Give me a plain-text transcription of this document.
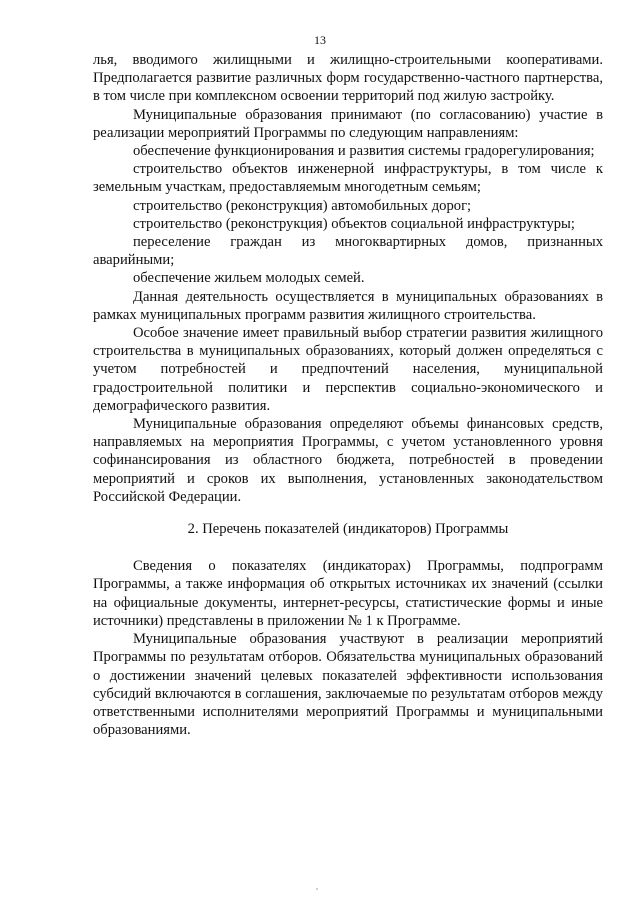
13

лья, вводимого жилищными и жилищно-строительными кооперативами. Предполагается развитие различных форм государственно-частного партнерства, в том числе при комплексном освоении территорий под жилую застройку.

Муниципальные образования принимают (по согласованию) участие в реализации мероприятий Программы по следующим направлениям:

обеспечение функционирования и развития системы градорегулирования;

строительство объектов инженерной инфраструктуры, в том числе к земельным участкам, предоставляемым многодетным семьям;

строительство (реконструкция) автомобильных дорог;

строительство (реконструкция) объектов социальной инфраструктуры;

переселение граждан из многоквартирных домов, признанных аварийными;

обеспечение жильем молодых семей.

Данная деятельность осуществляется в муниципальных образованиях в рамках муниципальных программ развития жилищного строительства.

Особое значение имеет правильный выбор стратегии развития жилищного строительства в муниципальных образованиях, который должен определяться с учетом потребностей и предпочтений населения, муниципальной градостроительной политики и перспектив социально-экономического и демографического развития.

Муниципальные образования определяют объемы финансовых средств, направляемых на мероприятия Программы, с учетом установленного уровня софинансирования из областного бюджета, потребностей в проведении мероприятий и сроков их выполнения, установленных законодательством Российской Федерации.

2. Перечень показателей (индикаторов) Программы

Сведения о показателях (индикаторах) Программы, подпрограмм Программы, а также информация об открытых источниках их значений (ссылки на официальные документы, интернет-ресурсы, статистические формы и иные источники) представлены в приложении № 1 к Программе.

Муниципальные образования участвуют в реализации мероприятий Программы по результатам отборов. Обязательства муниципальных образований о достижении значений целевых показателей эффективности использования субсидий включаются в соглашения, заключаемые по результатам отборов между ответственными исполнителями мероприятий Программы и муниципальными образованиями.
